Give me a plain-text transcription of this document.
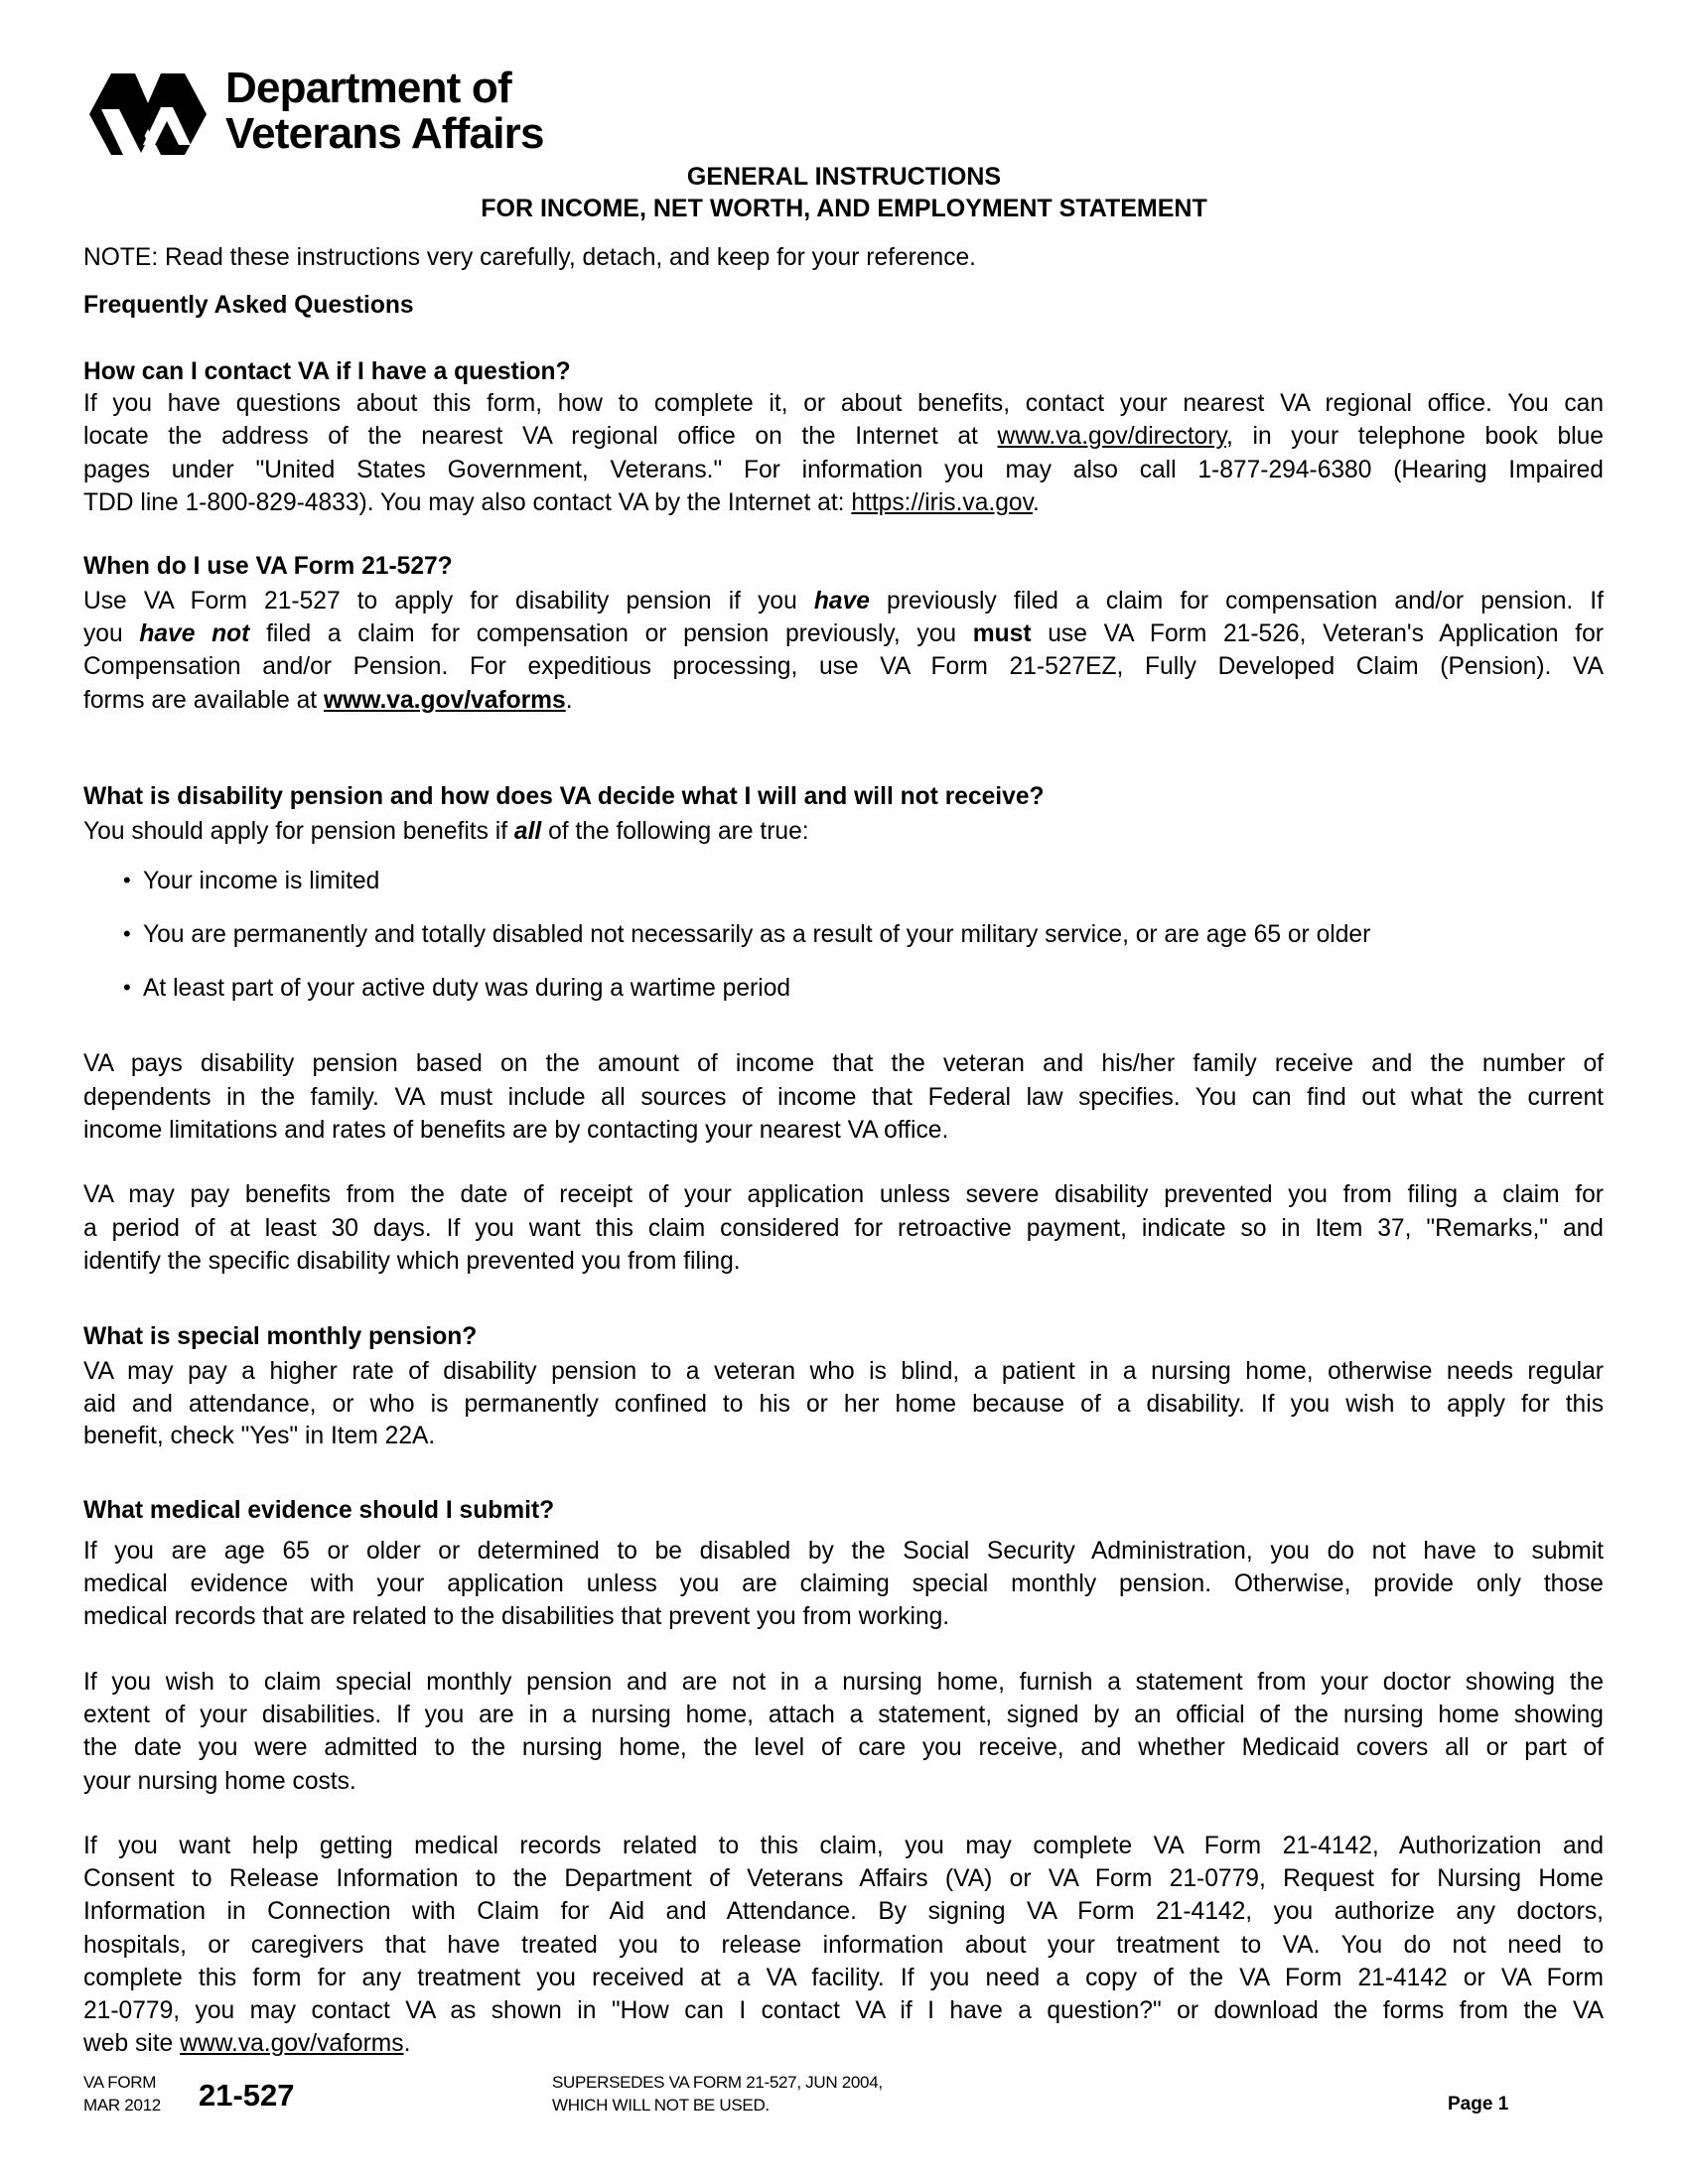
Department of
Veterans Affairs
GENERAL INSTRUCTIONS
FOR INCOME, NET WORTH, AND EMPLOYMENT STATEMENT
NOTE: Read these instructions very carefully, detach, and keep for your reference.
Frequently Asked Questions
How can I contact VA if I have a question?
If you have questions about this form, how to complete it, or about benefits, contact your nearest VA regional office. You can
locate the address of the nearest VA regional office on the Internet at www.va.gov/directory, in your telephone book blue
pages under "United States Government, Veterans." For information you may also call 1-877-294-6380 (Hearing Impaired
TDD line 1-800-829-4833). You may also contact VA by the Internet at: https://iris.va.gov.
When do I use VA Form 21-527?
Use VA Form 21-527 to apply for disability pension if you have previously filed a claim for compensation and/or pension. If
you have not filed a claim for compensation or pension previously, you must use VA Form 21-526, Veteran's Application for
Compensation and/or Pension. For expeditious processing, use VA Form 21-527EZ, Fully Developed Claim (Pension). VA
forms are available at www.va.gov/vaforms.
What is disability pension and how does VA decide what I will and will not receive?
You should apply for pension benefits if all of the following are true:
• Your income is limited
• You are permanently and totally disabled not necessarily as a result of your military service, or are age 65 or older
• At least part of your active duty was during a wartime period
VA pays disability pension based on the amount of income that the veteran and his/her family receive and the number of
dependents in the family. VA must include all sources of income that Federal law specifies. You can find out what the current
income limitations and rates of benefits are by contacting your nearest VA office.
VA may pay benefits from the date of receipt of your application unless severe disability prevented you from filing a claim for
a period of at least 30 days. If you want this claim considered for retroactive payment, indicate so in Item 37, "Remarks," and
identify the specific disability which prevented you from filing.
What is special monthly pension?
VA may pay a higher rate of disability pension to a veteran who is blind, a patient in a nursing home, otherwise needs regular
aid and attendance, or who is permanently confined to his or her home because of a disability. If you wish to apply for this
benefit, check "Yes" in Item 22A.
What medical evidence should I submit?
If you are age 65 or older or determined to be disabled by the Social Security Administration, you do not have to submit
medical evidence with your application unless you are claiming special monthly pension. Otherwise, provide only those
medical records that are related to the disabilities that prevent you from working.
If you wish to claim special monthly pension and are not in a nursing home, furnish a statement from your doctor showing the
extent of your disabilities. If you are in a nursing home, attach a statement, signed by an official of the nursing home showing
the date you were admitted to the nursing home, the level of care you receive, and whether Medicaid covers all or part of
your nursing home costs.
If you want help getting medical records related to this claim, you may complete VA Form 21-4142, Authorization and
Consent to Release Information to the Department of Veterans Affairs (VA) or VA Form 21-0779, Request for Nursing Home
Information in Connection with Claim for Aid and Attendance. By signing VA Form 21-4142, you authorize any doctors,
hospitals, or caregivers that have treated you to release information about your treatment to VA. You do not need to
complete this form for any treatment you received at a VA facility. If you need a copy of the VA Form 21-4142 or VA Form
21-0779, you may contact VA as shown in "How can I contact VA if I have a question?" or download the forms from the VA
web site www.va.gov/vaforms.
VA FORM
MAR 2012 21-527	SUPERSEDES VA FORM 21-527, JUN 2004,
WHICH WILL NOT BE USED.	Page 1
